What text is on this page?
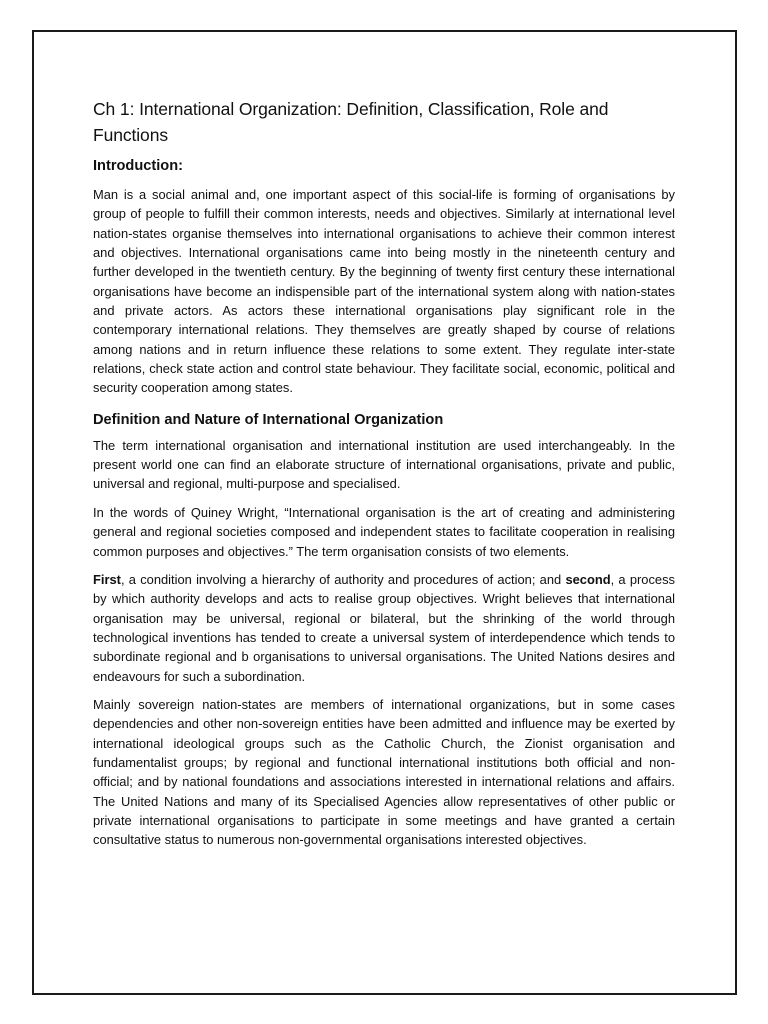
Ch 1: International Organization: Definition, Classification, Role and Functions
Introduction:

Man is a social animal and, one important aspect of this social-life is forming of organisations by group of people to fulfill their common interests, needs and objectives. Similarly at international level nation-states organise themselves into international organisations to achieve their common interest and objectives. International organisations came into being mostly in the nineteenth century and further developed in the twentieth century. By the beginning of twenty first century these international organisations have become an indispensible part of the international system along with nation-states and private actors. As actors these international organisations play significant role in the contemporary international relations. They themselves are greatly shaped by course of relations among nations and in return influence these relations to some extent. They regulate inter-state relations, check state action and control state behaviour. They facilitate social, economic, political and security cooperation among states.

Definition and Nature of International Organization

The term international organisation and international institution are used interchangeably. In the present world one can find an elaborate structure of international organisations, private and public, universal and regional, multi-purpose and specialised.

In the words of Quiney Wright, “International organisation is the art of creating and administering general and regional societies composed and independent states to facilitate cooperation in realising common purposes and objectives.” The term organisation consists of two elements.

First, a condition involving a hierarchy of authority and procedures of action; and second, a process by which authority develops and acts to realise group objectives. Wright believes that international organisation may be universal, regional or bilateral, but the shrinking of the world through technological inventions has tended to create a universal system of interdependence which tends to subordinate regional and b organisations to universal organisations. The United Nations desires and endeavours for such a subordination.

Mainly sovereign nation-states are members of international organizations, but in some cases dependencies and other non-sovereign entities have been admitted and influence may be exerted by international ideological groups such as the Catholic Church, the Zionist organisation and fundamentalist groups; by regional and functional international institutions both official and non-official; and by national foundations and associations interested in international relations and affairs. The United Nations and many of its Specialised Agencies allow representatives of other public or private international organisations to participate in some meetings and have granted a certain consultative status to numerous non-governmental organisations interested objectives.
